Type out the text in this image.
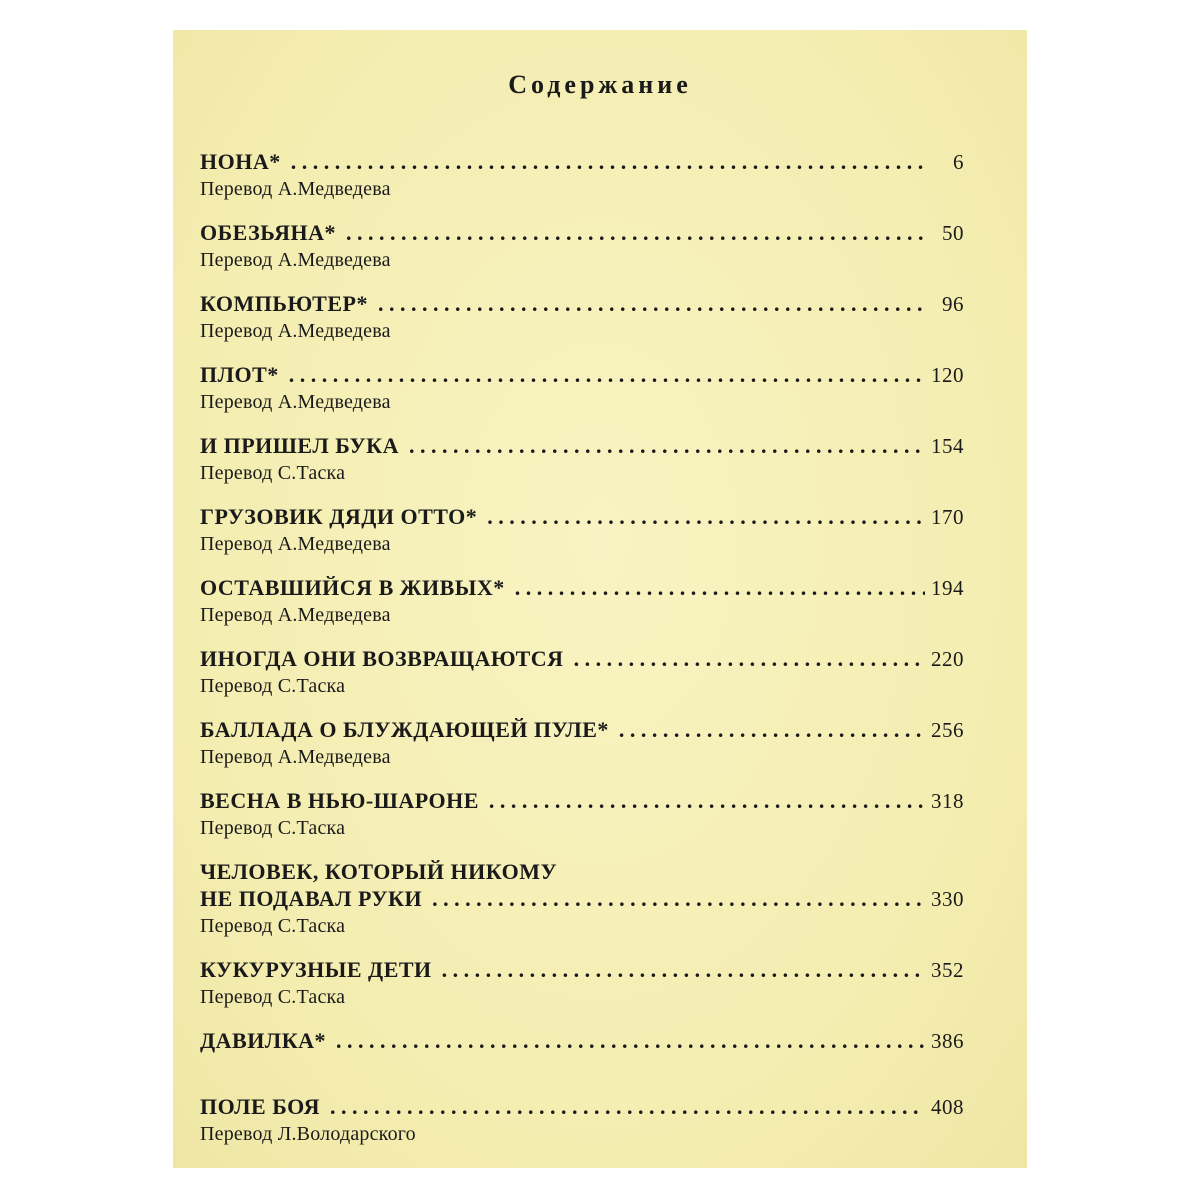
Содержание
НОНА* . .	6
Перевод А.Медведева
ОБЕЗЬЯНА* . .	50
Перевод А.Медведева
КОМПЬЮТЕР* . .	96
Перевод А.Медведева
ПЛОТ* . .	120
Перевод А.Медведева
И ПРИШЕЛ БУКА . .	154
Перевод С.Таска
ГРУЗОВИК ДЯДИ ОТТО* . .	170
Перевод А.Медведева
ОСТАВШИЙСЯ В ЖИВЫХ* . .	194
Перевод А.Медведева
ИНОГДА ОНИ ВОЗВРАЩАЮТСЯ . .	220
Перевод С.Таска
БАЛЛАДА О БЛУЖДАЮЩЕЙ ПУЛЕ* . .	256
Перевод А.Медведева
ВЕСНА В НЬЮ-ШАРОНЕ . .	318
Перевод С.Таска
ЧЕЛОВЕК, КОТОРЫЙ НИКОМУ
НЕ ПОДАВАЛ РУКИ . .	330
Перевод С.Таска
КУКУРУЗНЫЕ ДЕТИ . .	352
Перевод С.Таска
ДАВИЛКА* . .	386
ПОЛЕ БОЯ . .	408
Перевод Л.Володарского
